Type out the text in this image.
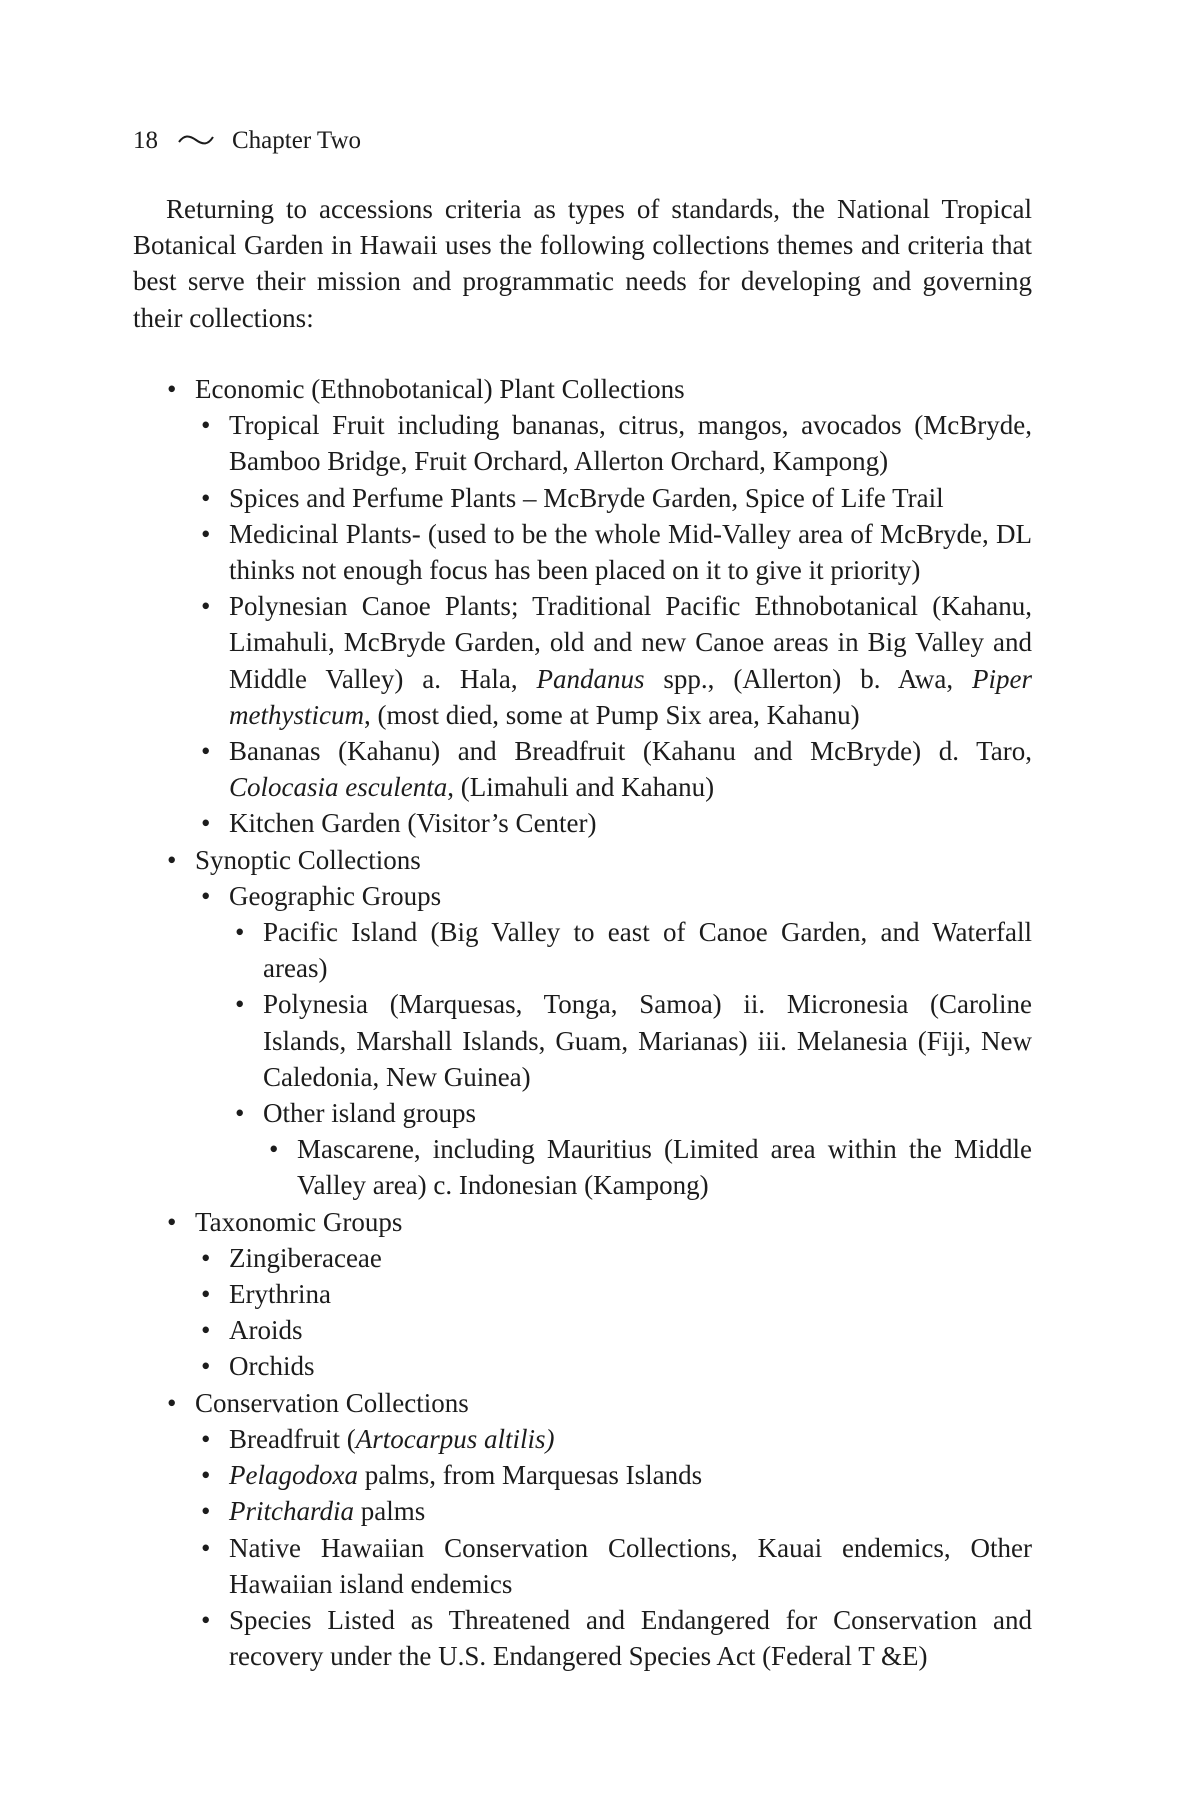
18	Chapter Two

Returning to accessions criteria as types of standards, the National Tropical Botanical Garden in Hawaii uses the following collections themes and criteria that best serve their mission and programmatic needs for developing and governing their collections:

• Economic (Ethnobotanical) Plant Collections
• Tropical Fruit including bananas, citrus, mangos, avocados (McBryde, Bamboo Bridge, Fruit Orchard, Allerton Orchard, Kampong)
• Spices and Perfume Plants – McBryde Garden, Spice of Life Trail
• Medicinal Plants- (used to be the whole Mid-Valley area of McBryde, DL thinks not enough focus has been placed on it to give it priority)
• Polynesian Canoe Plants; Traditional Pacific Ethnobotanical (Kahanu, Limahuli, McBryde Garden, old and new Canoe areas in Big Valley and Middle Valley) a. Hala, Pandanus spp., (Allerton) b. Awa, Piper methysticum, (most died, some at Pump Six area, Kahanu)
• Bananas (Kahanu) and Breadfruit (Kahanu and McBryde) d. Taro, Colocasia esculenta, (Limahuli and Kahanu)
• Kitchen Garden (Visitor’s Center)
• Synoptic Collections
• Geographic Groups
• Pacific Island (Big Valley to east of Canoe Garden, and Waterfall areas)
• Polynesia (Marquesas, Tonga, Samoa) ii. Micronesia (Caroline Islands, Marshall Islands, Guam, Marianas) iii. Melanesia (Fiji, New Caledonia, New Guinea)
• Other island groups
• Mascarene, including Mauritius (Limited area within the Middle Valley area) c. Indonesian (Kampong)
• Taxonomic Groups
• Zingiberaceae
• Erythrina
• Aroids
• Orchids
• Conservation Collections
• Breadfruit (Artocarpus altilis)
• Pelagodoxa palms, from Marquesas Islands
• Pritchardia palms
• Native Hawaiian Conservation Collections, Kauai endemics, Other Hawaiian island endemics
• Species Listed as Threatened and Endangered for Conservation and recovery under the U.S. Endangered Species Act (Federal T &E)
